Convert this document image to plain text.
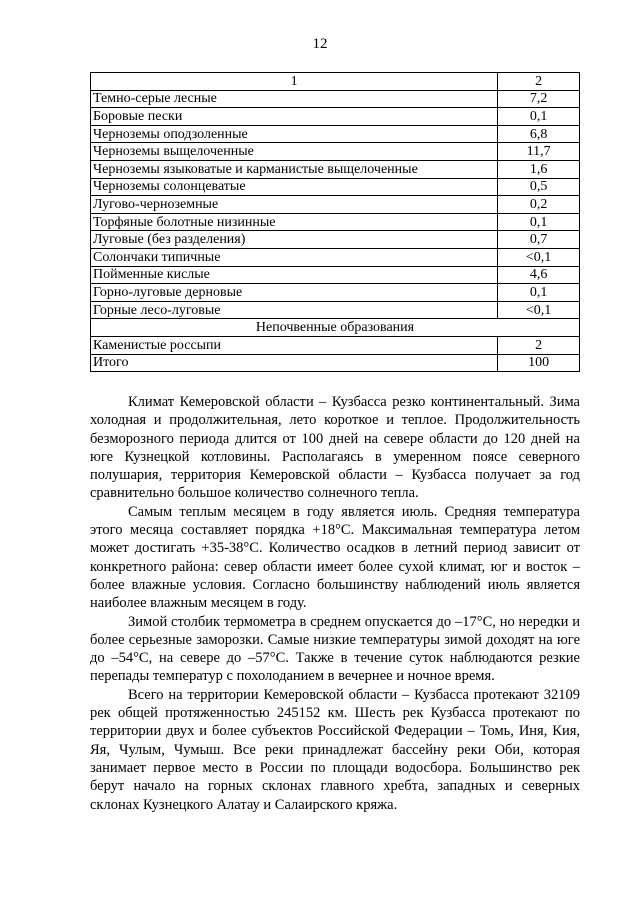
12
1	2
Темно-серые лесные	7,2
Боровые пески	0,1
Черноземы оподзоленные	6,8
Черноземы выщелоченные	11,7
Черноземы языковатые и карманистые выщелоченные	1,6
Черноземы солонцеватые	0,5
Лугово-черноземные	0,2
Торфяные болотные низинные	0,1
Луговые (без разделения)	0,7
Солончаки типичные	<0,1
Пойменные кислые	4,6
Горно-луговые дерновые	0,1
Горные лесо-луговые	<0,1
Непочвенные образования	
Каменистые россыпи	2
Итого	100

Климат Кемеровской области – Кузбасса резко континентальный. Зима холодная и продолжительная, лето короткое и теплое. Продолжительность безморозного периода длится от 100 дней на севере области до 120 дней на юге Кузнецкой котловины. Располагаясь в умеренном поясе северного полушария, территория Кемеровской области – Кузбасса получает за год сравнительно большое количество солнечного тепла.

Самым теплым месяцем в году является июль. Средняя температура этого месяца составляет порядка +18°С. Максимальная температура летом может достигать +35-38°С. Количество осадков в летний период зависит от конкретного района: север области имеет более сухой климат, юг и восток – более влажные условия. Согласно большинству наблюдений июль является наиболее влажным месяцем в году.

Зимой столбик термометра в среднем опускается до –17°С, но нередки и более серьезные заморозки. Самые низкие температуры зимой доходят на юге до –54°С, на севере до –57°С. Также в течение суток наблюдаются резкие перепады температур с похолоданием в вечернее и ночное время.

Всего на территории Кемеровской области – Кузбасса протекают 32109 рек общей протяженностью 245152 км. Шесть рек Кузбасса протекают по территории двух и более субъектов Российской Федерации – Томь, Иня, Кия, Яя, Чулым, Чумыш. Все реки принадлежат бассейну реки Оби, которая занимает первое место в России по площади водосбора. Большинство рек берут начало на горных склонах главного хребта, западных и северных склонах Кузнецкого Алатау и Салаирского кряжа.
